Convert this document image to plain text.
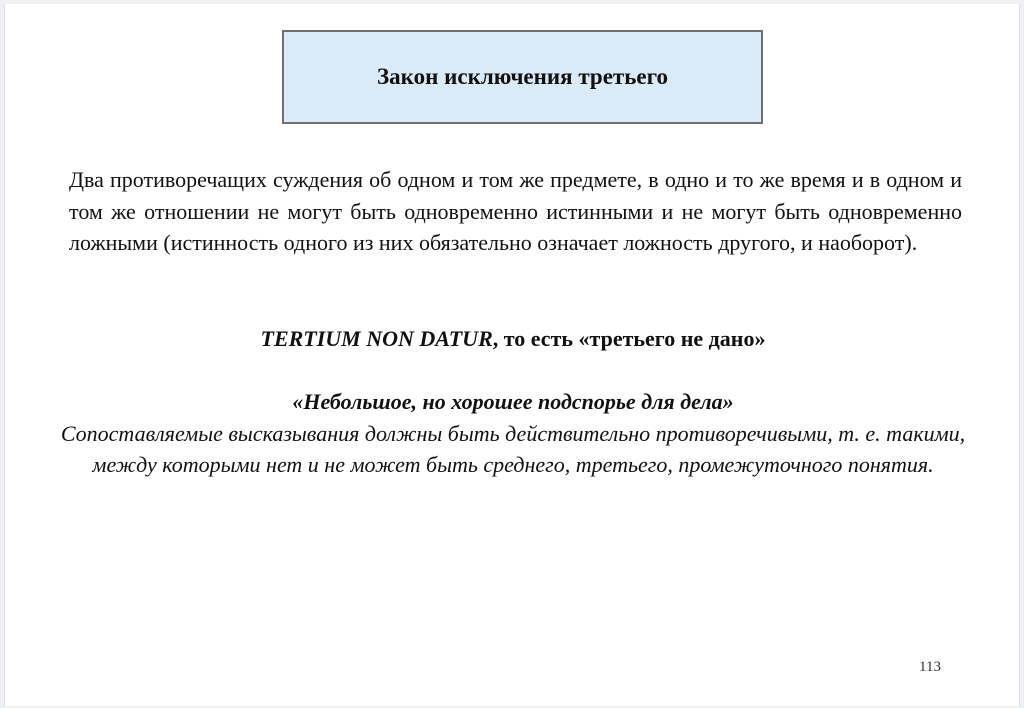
Закон исключения третьего

Два противоречащих суждения об одном и том же предмете, в одно и то же время и в одном и том же отношении не могут быть одновременно истинными и не могут быть одновременно ложными (истинность одного из них обязательно означает ложность другого, и наоборот).

TERTIUM NON DATUR, то есть «третьего не дано»

«Небольшое, но хорошее подспорье для дела»
Сопоставляемые высказывания должны быть действительно противоречивыми, т. е. такими, между которыми нет и не может быть среднего, третьего, промежуточного понятия.

113
